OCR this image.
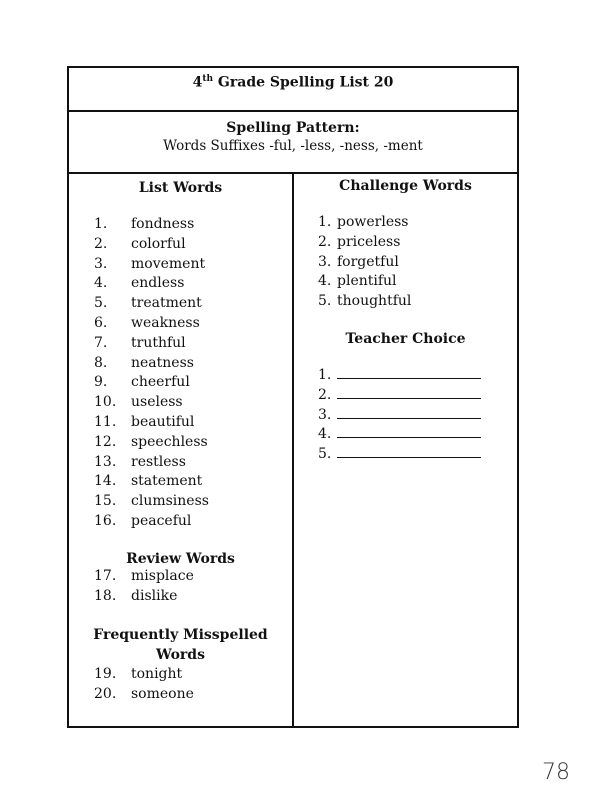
4th Grade Spelling List 20
Spelling Pattern:
Words Suffixes -ful, -less, -ness, -ment
List Words
1. fondness
2. colorful
3. movement
4. endless
5. treatment
6. weakness
7. truthful
8. neatness
9. cheerful
10. useless
11. beautiful
12. speechless
13. restless
14. statement
15. clumsiness
16. peaceful
Review Words
17. misplace
18. dislike
Frequently Misspelled
Words
19. tonight
20. someone
Challenge Words
1. powerless
2. priceless
3. forgetful
4. plentiful
5. thoughtful
Teacher Choice
1.
2.
3.
4.
5.
78
